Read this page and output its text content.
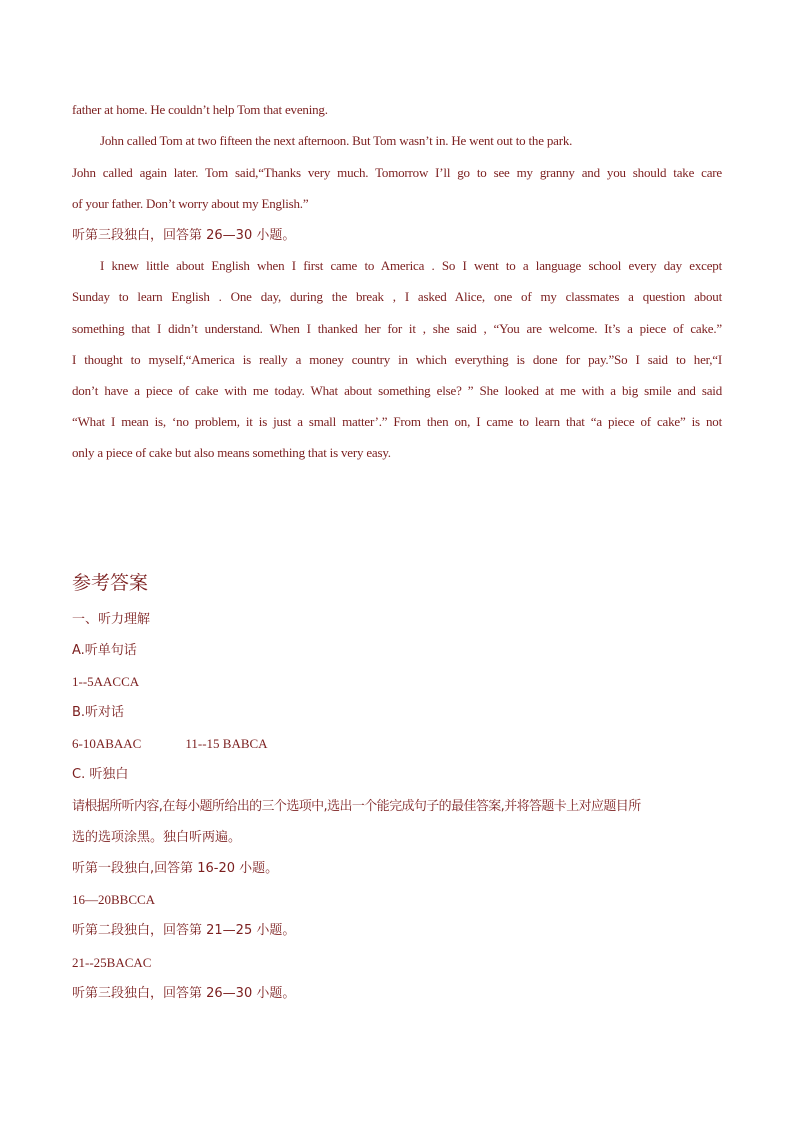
father at home. He couldn’t help Tom that evening.
John called Tom at two fifteen the next afternoon. But Tom wasn’t in. He went out to the park.
John called again later. Tom said,“Thanks very much. Tomorrow I’ll go to see my granny and you should take care
of your father. Don’t worry about my English.”
听第三段独白，回答第 26—30 小题。
I knew little about English when I first came to America . So I went to a language school every day except
Sunday to learn English . One day, during the break , I asked Alice, one of my classmates a question about
something that I didn’t understand. When I thanked her for it , she said , “You are welcome. It’s a piece of cake.”
I thought to myself,“America is really a money country in which everything is done for pay.”So I said to her,“I
don’t have a piece of cake with me today. What about something else? ” She looked at me with a big smile and said
“What I mean is, ‘no problem, it is just a small matter’.” From then on, I came to learn that “a piece of cake” is not
only a piece of cake but also means something that is very easy.
参考答案
一、听力理解
A.听单句话
1--5AACCA
B.听对话
6-10ABAAC	11--15 BABCA
C. 听独白
请根据所听内容,在每小题所给出的三个选项中,选出一个能完成句子的最佳答案,并将答题卡上对应题目所
选的选项涂黑。独白听两遍。
听第一段独白,回答第 16-20 小题。
16—20BBCCA
听第二段独白，回答第 21—25 小题。
21--25BACAC
听第三段独白，回答第 26—30 小题。
